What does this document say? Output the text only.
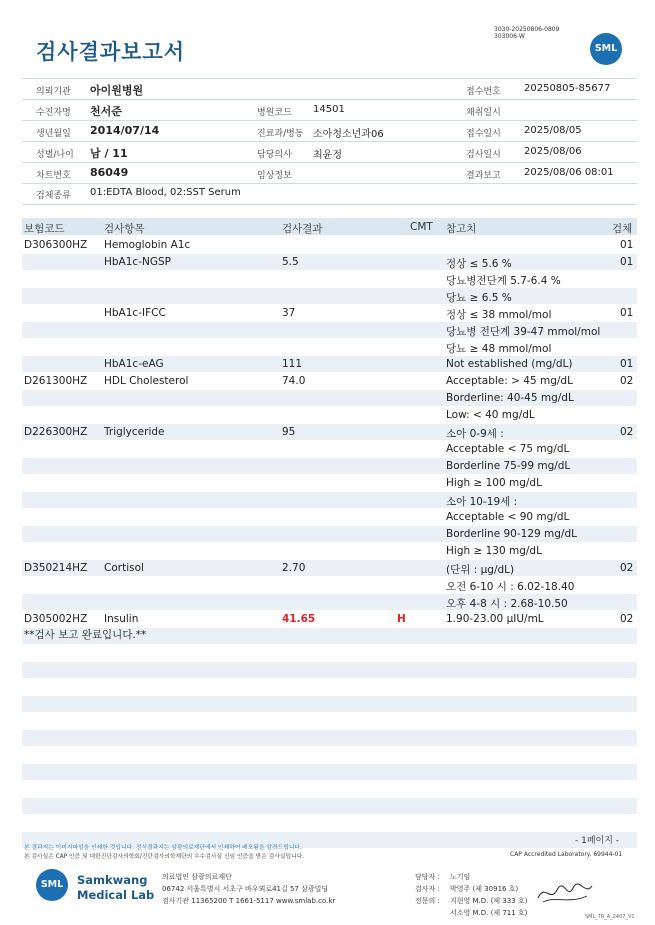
검사결과보고서
3030-20250806-0809
303006-W
SML
의뢰기관 아이원병원	접수번호 20250805-85677
수진자명 천서준	병원코드 14501	채취일시
생년월일 2014/07/14	진료과/병동 소아청소년과06	접수일시 2025/08/05
성별/나이 남 / 11	담당의사 최윤정	검사일시 2025/08/06
차트번호 86049	임상정보	결과보고 2025/08/06 08:01
검체종류 01:EDTA Blood, 02:SST Serum
보험코드	검사항목	검사결과	CMT 참고치	검체
D306300HZ Hemoglobin A1c	01
HbA1c-NGSP	5.5	정상 ≤ 5.6 %	01
당뇨병전단계 5.7-6.4 %
당뇨 ≥ 6.5 %
HbA1c-IFCC	37	정상 ≤ 38 mmol/mol	01
당뇨병 전단계 39-47 mmol/mol
당뇨 ≥ 48 mmol/mol
HbA1c-eAG	111	Not established (mg/dL)	01
D261300HZ HDL Cholesterol	74.0	Acceptable: > 45 mg/dL	02
Borderline: 40-45 mg/dL
Low: < 40 mg/dL
D226300HZ Triglyceride	95	소아 0-9세 :	02
Acceptable < 75 mg/dL
Borderline 75-99 mg/dL
High ≥ 100 mg/dL
소아 10-19세 :
Acceptable < 90 mg/dL
Borderline 90-129 mg/dL
High ≥ 130 mg/dL
D350214HZ Cortisol	2.70	(단위 : μg/dL)	02
오전 6-10 시 : 6.02-18.40
오후 4-8 시 : 2.68-10.50
D305002HZ Insulin	41.65	H	1.90-23.00 μIU/mL	02
**검사 보고 완료입니다.**
본 결과지는 이미지파일을 인쇄한 것입니다. 정식결과지는 삼광의료재단에서 인쇄하여 배포됨을 알려드립니다.
본 검사실은 CAP 인증 및 대한진단검사의학회/진단검사의학재단의 우수검사실 신임 인증을 받은 검사실입니다.
- 1페이지 -
CAP Accredited Laboratory. 69944-01
SML	Samkwang
Medical Lab
의료법인 삼광의료재단
06742 서울특별시 서초구 바우뫼로41길 57 삼광빌딩
검사기관 11365200 T 1661-5117 www.smlab.co.kr
담당자 : 노기임
검사자 : 박영주 (제 30916 호)
전문의 : 지현영 M.D. (제 333 호)
서소영 M.D. (제 711 호)	SML_TR_A_2407_V1
